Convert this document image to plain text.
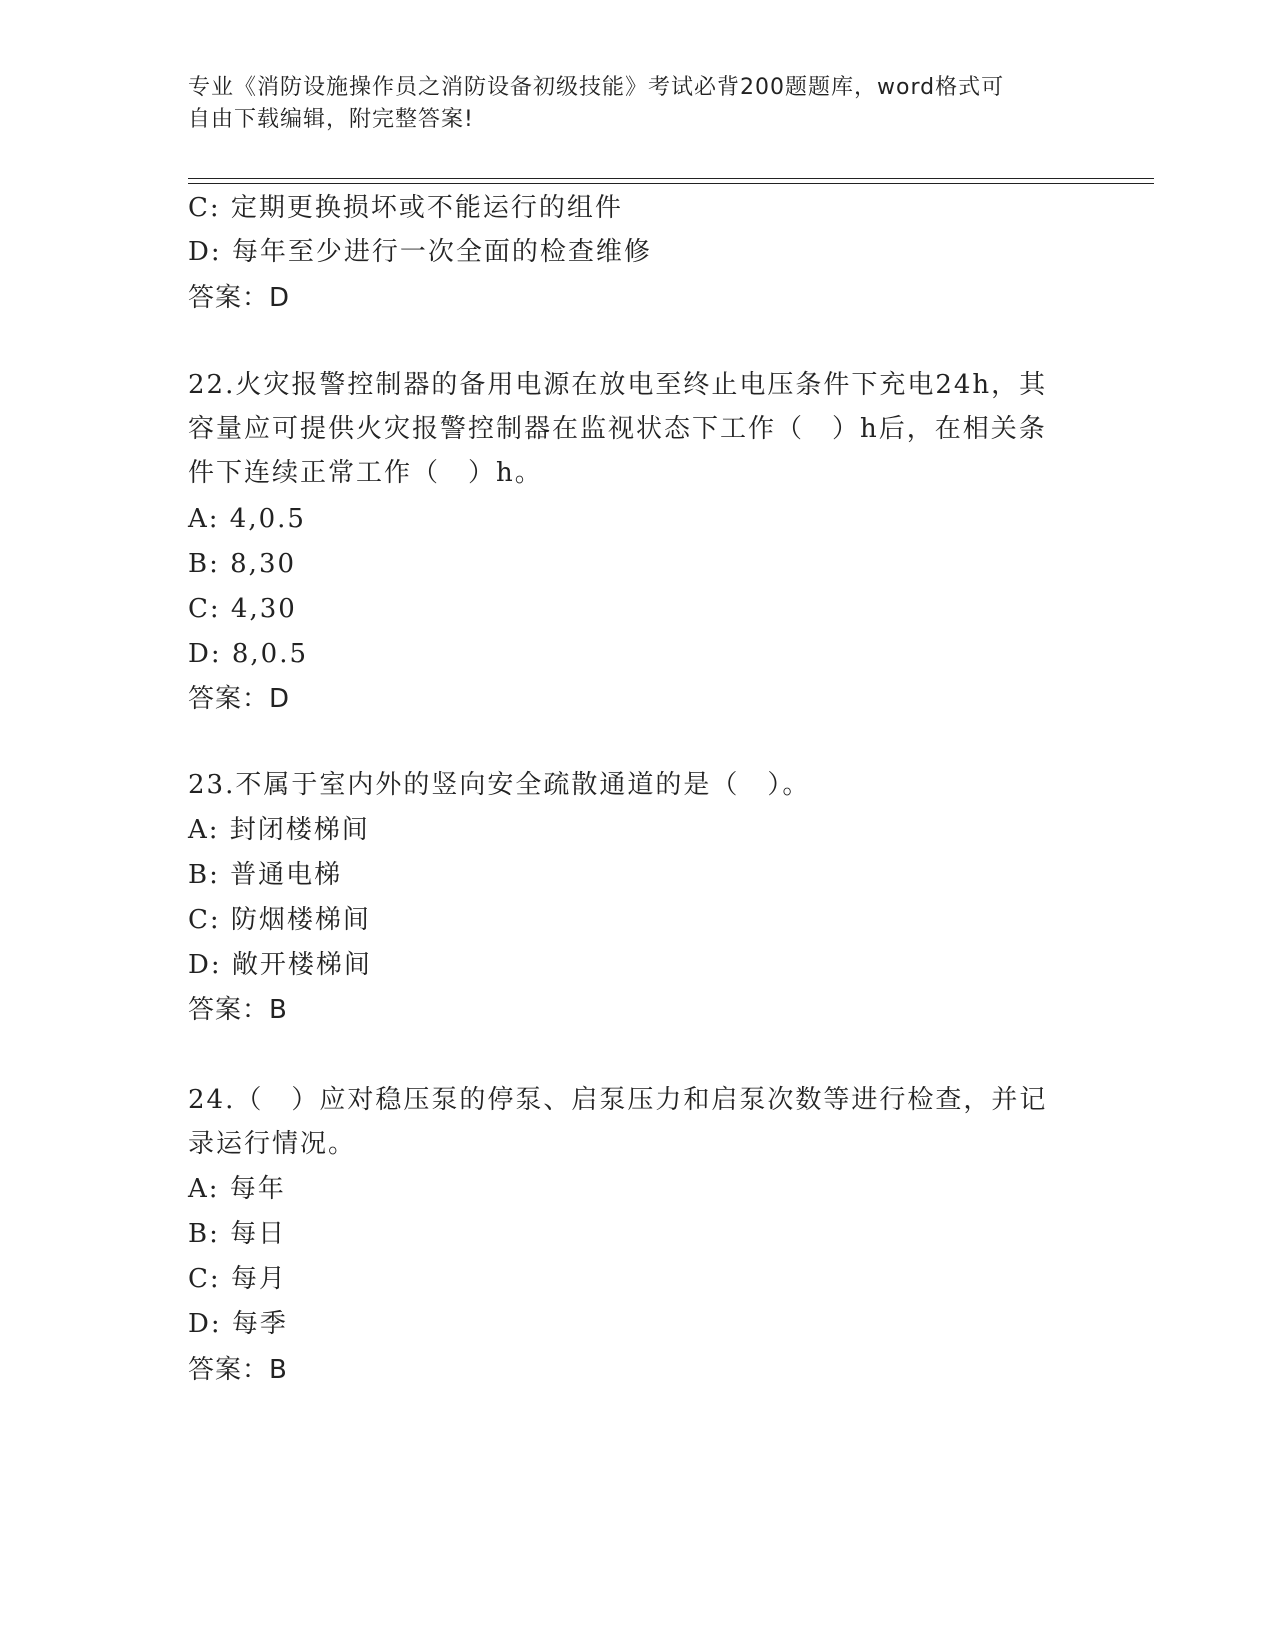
专业《消防设施操作员之消防设备初级技能》考试必背200题题库，word格式可
自由下载编辑，附完整答案!
C: 定期更换损坏或不能运行的组件
D: 每年至少进行一次全面的检查维修
答案：D
22.火灾报警控制器的备用电源在放电至终止电压条件下充电24h，其
容量应可提供火灾报警控制器在监视状态下工作（　）h后，在相关条
件下连续正常工作（　）h。
A: 4,0.5
B: 8,30
C: 4,30
D: 8,0.5
答案：D
23.不属于室内外的竖向安全疏散通道的是（　）。
A: 封闭楼梯间
B: 普通电梯
C: 防烟楼梯间
D: 敞开楼梯间
答案：B
24.（　）应对稳压泵的停泵、启泵压力和启泵次数等进行检查，并记
录运行情况。
A: 每年
B: 每日
C: 每月
D: 每季
答案：B
